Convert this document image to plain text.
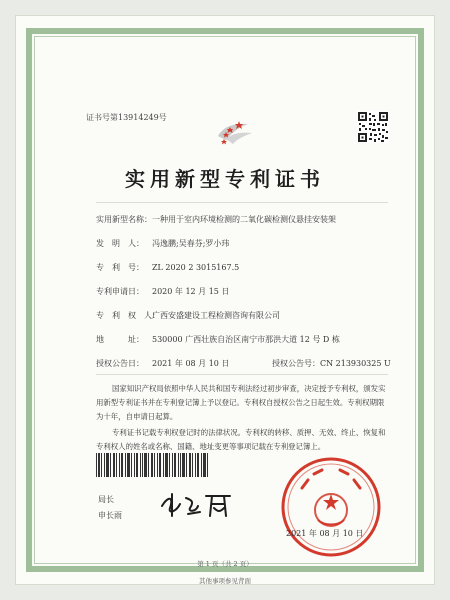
证书号第13914249号
实用新型专利证书
实用新型名称：一种用于室内环境检测的二氧化碳检测仪悬挂安装架
发　明　人： 冯逸鹏;吴春芬;罗小玮
专　利　号： ZL 2020 2 3015167.5
专利申请日： 2020 年 12 月 15 日
专　利　权　人：广西安盛建设工程检测咨询有限公司
地　　　址： 530000 广西壮族自治区南宁市那洪大道 12 号 D 栋
授权公告日： 2021 年 08 月 10 日	授权公告号：CN 213930325 U
国家知识产权局依照中华人民共和国专利法经过初步审查，决定授予专利权，颁发实用新型专利证书并在专利登记簿上予以登记。专利权自授权公告之日起生效。专利权期限为十年，自申请日起算。
专利证书记载专利权登记时的法律状况。专利权的转移、质押、无效、终止、恢复和专利权人的姓名或名称、国籍、地址变更等事项记载在专利登记簿上。
局长
申长雨
2021 年 08 月 10 日
第 1 页（共 2 页）
其他事项参见背面
